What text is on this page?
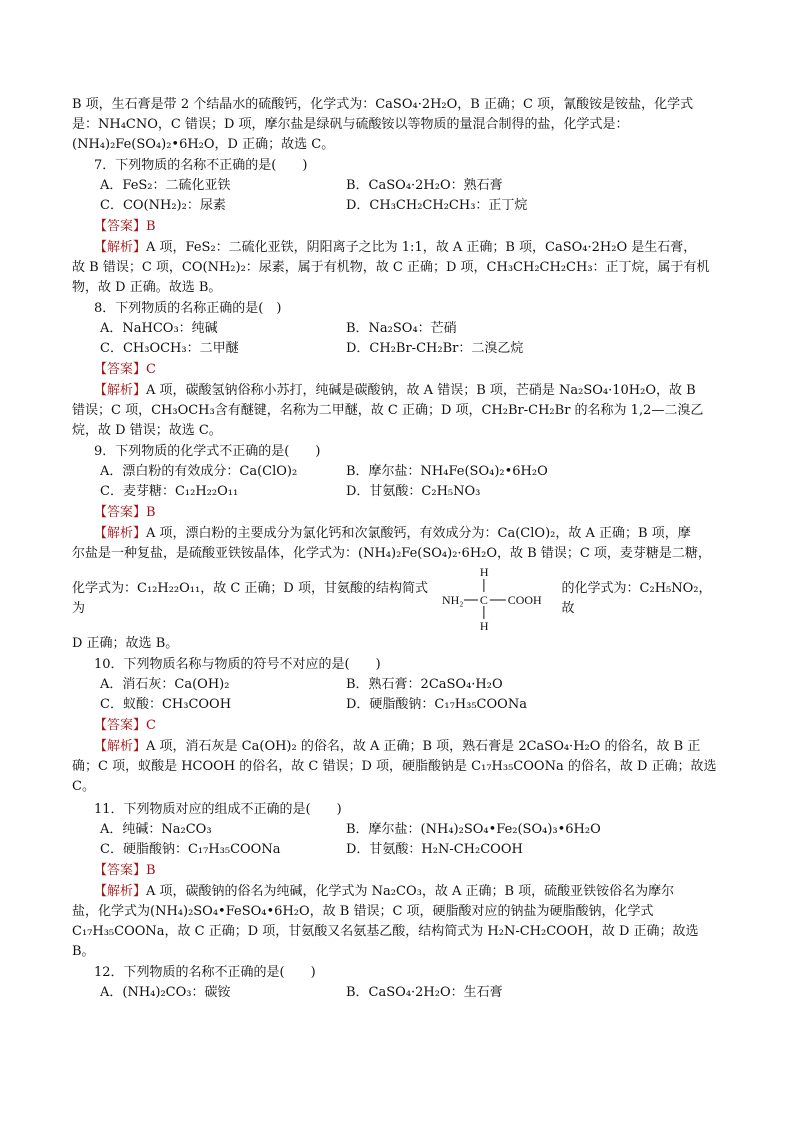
B 项，生石膏是带 2 个结晶水的硫酸钙，化学式为：CaSO₄·2H₂O，B 正确；C 项，氰酸铵是铵盐，化学式

是：NH₄CNO，C 错误；D 项，摩尔盐是绿矾与硫酸铵以等物质的量混合制得的盐，化学式是：

(NH₄)₂Fe(SO₄)₂•6H₂O，D 正确；故选 C。

7．下列物质的名称不正确的是(　　)

A．FeS₂：二硫化亚铁	B．CaSO₄·2H₂O：熟石膏
C．CO(NH₂)₂：尿素	D．CH₃CH₂CH₂CH₃：正丁烷

【答案】B

【解析】A 项，FeS₂：二硫化亚铁，阴阳离子之比为 1:1，故 A 正确；B 项，CaSO₄·2H₂O 是生石膏，

故 B 错误；C 项，CO(NH₂)₂：尿素，属于有机物，故 C 正确；D 项，CH₃CH₂CH₂CH₃：正丁烷，属于有机

物，故 D 正确。故选 B。

8．下列物质的名称正确的是(　)

A．NaHCO₃：纯碱	B．Na₂SO₄：芒硝
C．CH₃OCH₃：二甲醚	D．CH₂Br-CH₂Br：二溴乙烷

【答案】C

【解析】A 项，碳酸氢钠俗称小苏打，纯碱是碳酸钠，故 A 错误；B 项，芒硝是 Na₂SO₄·10H₂O，故 B

错误；C 项，CH₃OCH₃含有醚键，名称为二甲醚，故 C 正确；D 项，CH₂Br-CH₂Br 的名称为 1,2—二溴乙

烷，故 D 错误；故选 C。

9．下列物质的化学式不正确的是(　　)

A．漂白粉的有效成分：Ca(ClO)₂	B．摩尔盐：NH₄Fe(SO₄)₂•6H₂O
C．麦芽糖：C₁₂H₂₂O₁₁	D．甘氨酸：C₂H₅NO₃

【答案】B

【解析】A 项，漂白粉的主要成分为氯化钙和次氯酸钙，有效成分为：Ca(ClO)₂，故 A 正确；B 项，摩

尔盐是一种复盐，是硫酸亚铁铵晶体，化学式为：(NH₄)₂Fe(SO₄)₂·6H₂O，故 B 错误；C 项，麦芽糖是二糖，

化学式为：C₁₂H₂₂O₁₁，故 C 正确；D 项，甘氨酸的结构简式为
NH₂ C COOH
H
H
的化学式为：C₂H₅NO₂，故

D 正确；故选 B。

10．下列物质名称与物质的符号不对应的是(　　)

A．消石灰：Ca(OH)₂	B．熟石膏：2CaSO₄·H₂O
C．蚁酸：CH₃COOH	D．硬脂酸钠：C₁₇H₃₅COONa

【答案】C

【解析】A 项，消石灰是 Ca(OH)₂ 的俗名，故 A 正确；B 项，熟石膏是 2CaSO₄·H₂O 的俗名，故 B 正

确；C 项，蚁酸是 HCOOH 的俗名，故 C 错误；D 项，硬脂酸钠是 C₁₇H₃₅COONa 的俗名，故 D 正确；故选

C。

11．下列物质对应的组成不正确的是(　　)

A．纯碱：Na₂CO₃	B．摩尔盐：(NH₄)₂SO₄•Fe₂(SO₄)₃•6H₂O
C．硬脂酸钠：C₁₇H₃₅COONa	D．甘氨酸：H₂N-CH₂COOH

【答案】B

【解析】A 项，碳酸钠的俗名为纯碱，化学式为 Na₂CO₃，故 A 正确；B 项，硫酸亚铁铵俗名为摩尔

盐，化学式为(NH₄)₂SO₄•FeSO₄•6H₂O，故 B 错误；C 项，硬脂酸对应的钠盐为硬脂酸钠，化学式

C₁₇H₃₅COONa，故 C 正确；D 项，甘氨酸又名氨基乙酸，结构简式为 H₂N-CH₂COOH，故 D 正确；故选 B。

12．下列物质的名称不正确的是(　　)

A．(NH₄)₂CO₃：碳铵	B．CaSO₄·2H₂O：生石膏
